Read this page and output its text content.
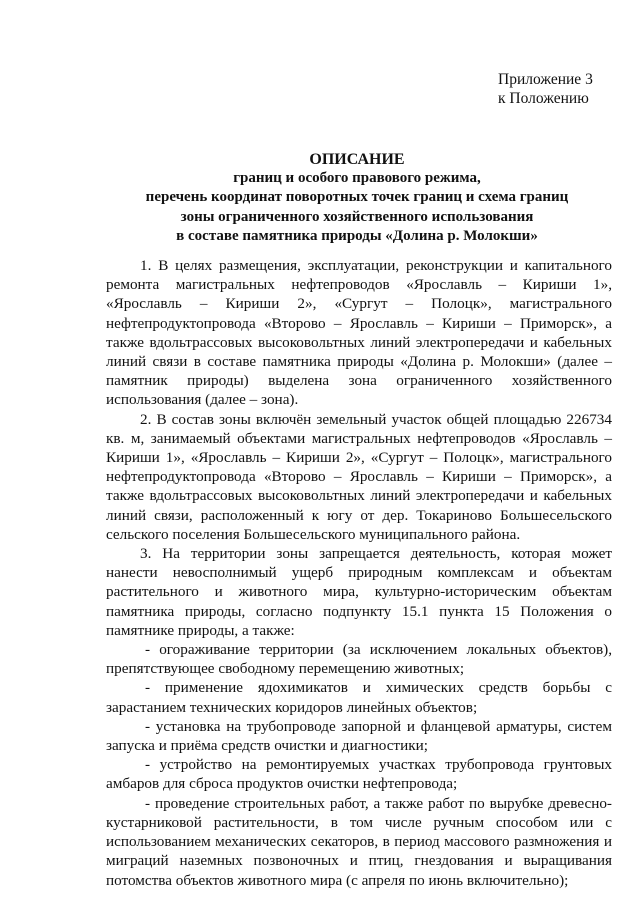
Приложение 3
к Положению
ОПИСАНИЕ
границ и особого правового режима,
перечень координат поворотных точек границ и схема границ
зоны ограниченного хозяйственного использования
в составе памятника природы «Долина р. Молокши»

1. В целях размещения, эксплуатации, реконструкции и капитального ремонта магистральных нефтепроводов «Ярославль – Кириши 1», «Ярославль – Кириши 2», «Сургут – Полоцк», магистрального нефтепродуктопровода «Второво – Ярославль – Кириши – Приморск», а также вдольтрассовых высоковольтных линий электропередачи и кабельных линий связи в составе памятника природы «Долина р. Молокши» (далее – памятник природы) выделена зона ограниченного хозяйственного использования (далее – зона).

2. В состав зоны включён земельный участок общей площадью 226734 кв. м, занимаемый объектами магистральных нефтепроводов «Ярославль – Кириши 1», «Ярославль – Кириши 2», «Сургут – Полоцк», магистрального нефтепродуктопровода «Второво – Ярославль – Кириши – Приморск», а также вдольтрассовых высоковольтных линий электропередачи и кабельных линий связи, расположенный к югу от дер. Токариново Большесельского сельского поселения Большесельского муниципального района.

3. На территории зоны запрещается деятельность, которая может нанести невосполнимый ущерб природным комплексам и объектам растительного и животного мира, культурно-историческим объектам памятника природы, согласно подпункту 15.1 пункта 15 Положения о памятнике природы, а также:

- огораживание территории (за исключением локальных объектов), препятствующее свободному перемещению животных;

- применение ядохимикатов и химических средств борьбы с зарастанием технических коридоров линейных объектов;

- установка на трубопроводе запорной и фланцевой арматуры, систем запуска и приёма средств очистки и диагностики;

- устройство на ремонтируемых участках трубопровода грунтовых амбаров для сброса продуктов очистки нефтепровода;

- проведение строительных работ, а также работ по вырубке древесно-кустарниковой растительности, в том числе ручным способом или с использованием механических секаторов, в период массового размножения и миграций наземных позвоночных и птиц, гнездования и выращивания потомства объектов животного мира (с апреля по июнь включительно);
